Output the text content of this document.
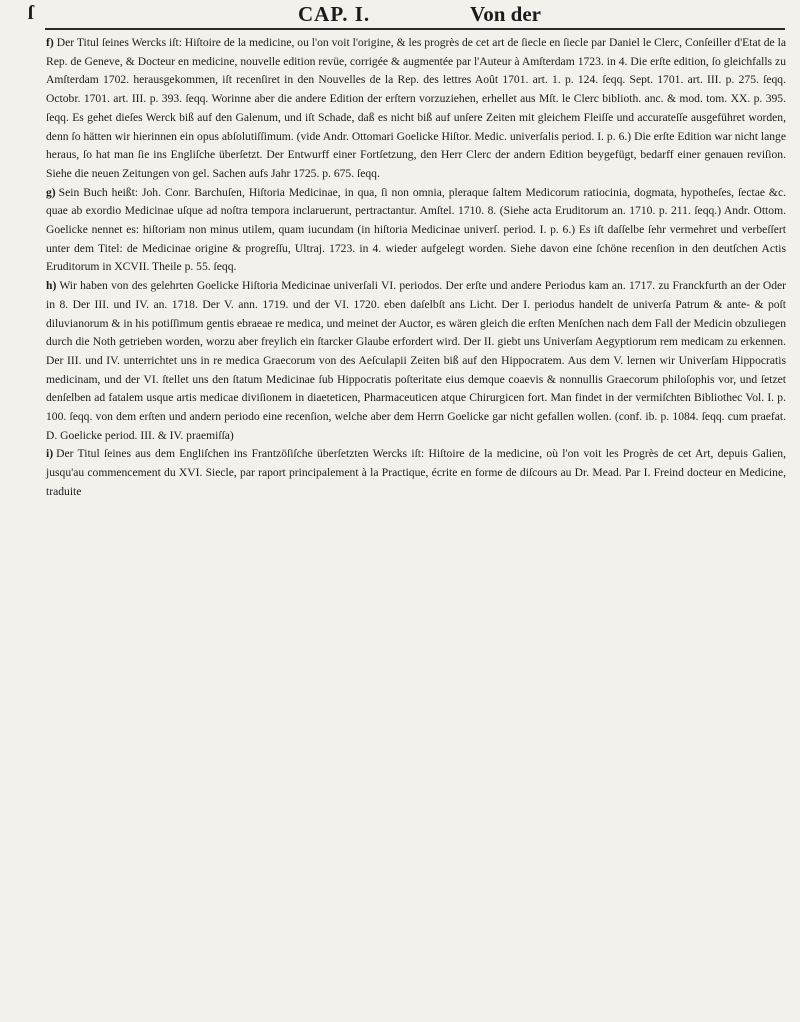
ſ	CAP. I.	Von der

f) Der Titul ſeines Wercks iſt: Hiſtoire de la medicine, ou l'on voit l'origine, & les progrès de cet art de ſiecle en ſiecle par Daniel le Clerc, Conſeiller d'Etat de la Rep. de Geneve, & Docteur en medicine, nouvelle edition revüe, corrigée & augmentée par l'Auteur à Amſterdam 1723. in 4. Die erſte edition, ſo gleichfalls zu Amſterdam 1702. herausgekommen, iſt recenſiret in den Nouvelles de la Rep. des lettres Août 1701. art. 1. p. 124. ſeqq. Sept. 1701. art. III. p. 275. ſeqq. Octobr. 1701. art. III. p. 393. ſeqq. Worinne aber die andere Edition der erſtern vorzuziehen, erhellet aus Mſt. le Clerc biblioth. anc. & mod. tom. XX. p. 395. ſeqq. Es gehet dieſes Werck biß auf den Galenum, und iſt Schade, daß es nicht biß auf unſere Zeiten mit gleichem Fleiſſe und accurateſſe ausgeführet worden, denn ſo hätten wir hierinnen ein opus abſolutiſſimum. (vide Andr. Ottomari Goelicke Hiſtor. Medic. univerſalis period. I. p. 6.) Die erſte Edition war nicht lange heraus, ſo hat man ſie ins Engliſche überſetzt. Der Entwurff einer Fortſetzung, den Herr Clerc der andern Edition beygefügt, bedarff einer genauen reviſion. Siehe die neuen Zeitungen von gel. Sachen aufs Jahr 1725. p. 675. ſeqq.

g) Sein Buch heißt: Joh. Conr. Barchuſen, Hiſtoria Medicinae, in qua, ſi non omnia, pleraque ſaltem Medicorum ratiocinia, dogmata, hypotheſes, ſectae &c. quae ab exordio Medicinae uſque ad noſtra tempora inclaruerunt, pertractantur. Amſtel. 1710. 8. (Siehe acta Eruditorum an. 1710. p. 211. ſeqq.) Andr. Ottom. Goelicke nennet es: hiſtoriam non minus utilem, quam iucundam (in hiſtoria Medicinae univerſ. period. I. p. 6.) Es iſt daſſelbe ſehr vermehret und verbeſſert unter dem Titel: de Medicinae origine & progreſſu, Ultraj. 1723. in 4. wieder aufgelegt worden. Siehe davon eine ſchöne recenſion in den deutſchen Actis Eruditorum in XCVII. Theile p. 55. ſeqq.

h) Wir haben von des gelehrten Goelicke Hiſtoria Medicinae univerſali VI. periodos. Der erſte und andere Periodus kam an. 1717. zu Franckfurth an der Oder in 8. Der III. und IV. an. 1718. Der V. ann. 1719. und der VI. 1720. eben daſelbſt ans Licht. Der I. periodus handelt de univerſa Patrum & ante- & poſt diluvianorum & in his potiſſimum gentis ebraeae re medica, und meinet der Auctor, es wären gleich die erſten Menſchen nach dem Fall der Medicin obzuliegen durch die Noth getrieben worden, worzu aber freylich ein ſtarcker Glaube erfordert wird. Der II. giebt uns Univerſam Aegyptiorum rem medicam zu erkennen. Der III. und IV. unterrichtet uns in re medica Graecorum von des Aeſculapii Zeiten biß auf den Hippocratem. Aus dem V. lernen wir Univerſam Hippocratis medicinam, und der VI. ſtellet uns den ſtatum Medicinae ſub Hippocratis poſteritate eius demque coaevis & nonnullis Graecorum philoſophis vor, und ſetzet denſelben ad fatalem usque artis medicae diviſionem in diaeteticen, Pharmaceuticen atque Chirurgicen fort. Man findet in der vermiſchten Bibliothec Vol. I. p. 100. ſeqq. von dem erſten und andern periodo eine recenſion, welche aber dem Herrn Goelicke gar nicht gefallen wollen. (conf. ib. p. 1084. ſeqq. cum praefat. D. Goelicke period. III. & IV. praemiſſa)

i) Der Titul ſeines aus dem Engliſchen ins Frantzöſiſche überſetzten Wercks iſt: Hiſtoire de la medicine, où l'on voit les Progrès de cet Art, depuis Galien, jusqu'au commencement du XVI. Siecle, par raport principalement à la Practique, écrite en forme de diſcours au Dr. Mead. Par I. Freind docteur en Medicine, traduite
